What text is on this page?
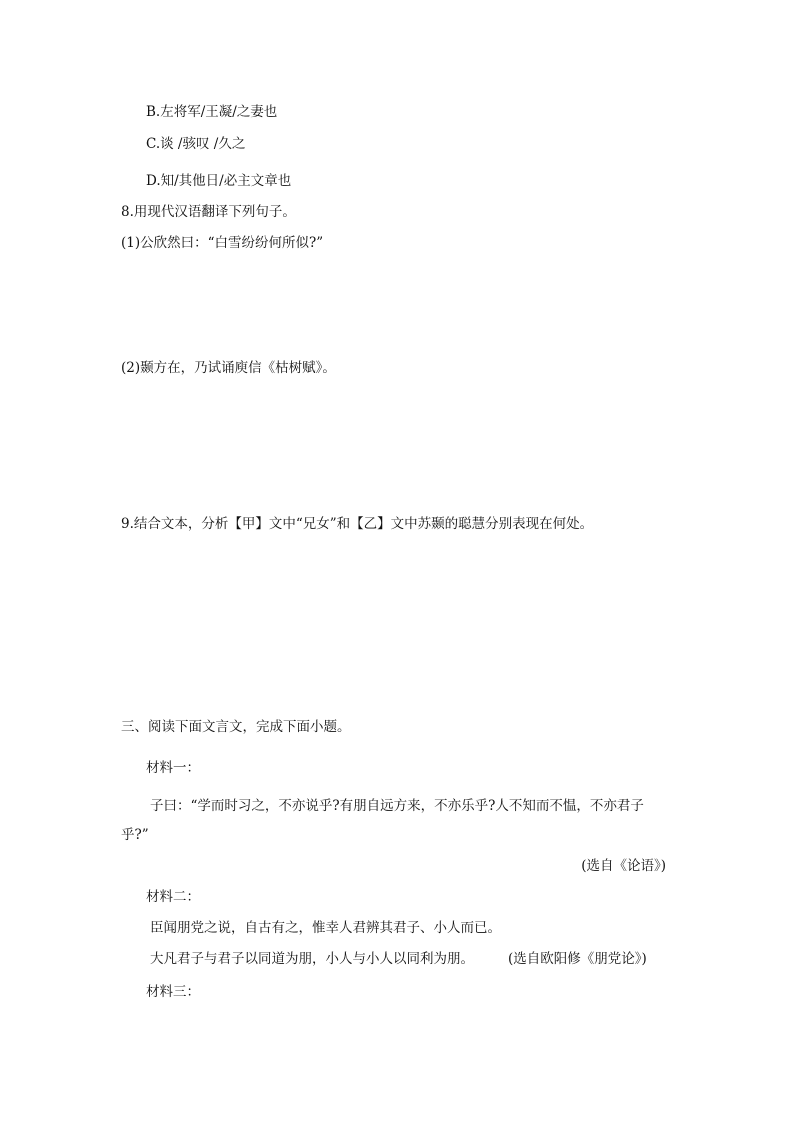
B.左将军/王凝/之妻也
C.谈 /骇叹 /久之
D.知/其他日/必主文章也
8.用现代汉语翻译下列句子。
(1)公欣然曰：“白雪纷纷何所似?”
(2)颞方在，乃试诵庾信《枯树赋》。
9.结合文本，分析【甲】文中“兄女”和【乙】文中苏颞的聪慧分别表现在何处。
三、阅读下面文言文，完成下面小题。
材料一：
子曰：“学而时习之，不亦说乎?有朋自远方来，不亦乐乎?人不知而不愠，不亦君子
乎?”
(选自《论语》)
材料二：
臣闻朋党之说，自古有之，惟幸人君辨其君子、小人而已。
大凡君子与君子以同道为朋，小人与小人以同利为朋。	(选自欧阳修《朋党论》)
材料三：
